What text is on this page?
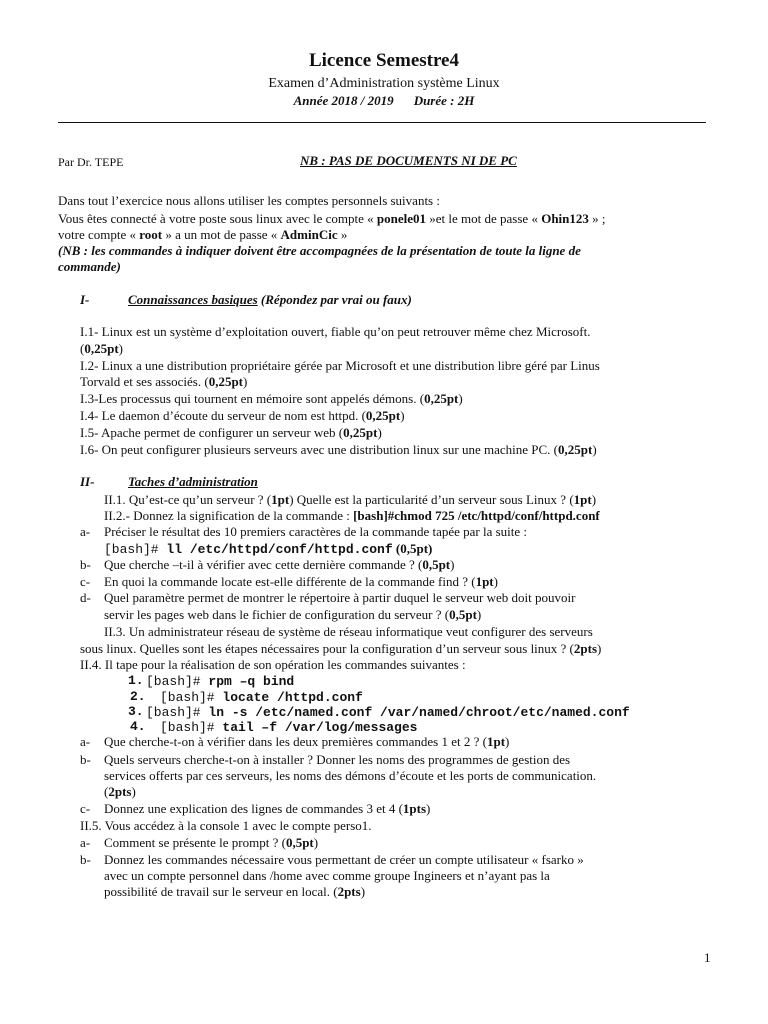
Licence Semestre4
Examen d’Administration système Linux
Année 2018 / 2019 Durée : 2H
Par Dr. TEPE	NB : PAS DE DOCUMENTS NI DE PC
Dans tout l’exercice nous allons utiliser les comptes personnels suivants :
Vous êtes connecté à votre poste sous linux avec le compte « ponele01 »et le mot de passe « Ohin123 » ;
votre compte « root » a un mot de passe « AdminCic »
(NB : les commandes à indiquer doivent être accompagnées de la présentation de toute la ligne de
commande)
I-	Connaissances basiques (Répondez par vrai ou faux)
I.1- Linux est un système d’exploitation ouvert, fiable qu’on peut retrouver même chez Microsoft.
(0,25pt)
I.2- Linux a une distribution propriétaire gérée par Microsoft et une distribution libre géré par Linus
Torvald et ses associés. (0,25pt)
I.3-Les processus qui tournent en mémoire sont appelés démons. (0,25pt)
I.4- Le daemon d’écoute du serveur de nom est httpd. (0,25pt)
I.5- Apache permet de configurer un serveur web (0,25pt)
I.6- On peut configurer plusieurs serveurs avec une distribution linux sur une machine PC. (0,25pt)
II-	Taches d’administration
II.1. Qu’est-ce qu’un serveur ? (1pt) Quelle est la particularité d’un serveur sous Linux ? (1pt)
II.2.- Donnez la signification de la commande : [bash]#chmod 725 /etc/httpd/conf/httpd.conf
a- Préciser le résultat des 10 premiers caractères de la commande tapée par la suite :
[bash]# ll /etc/httpd/conf/httpd.conf (0,5pt)
b- Que cherche –t-il à vérifier avec cette dernière commande ? (0,5pt)
c- En quoi la commande locate est-elle différente de la commande find ? (1pt)
d- Quel paramètre permet de montrer le répertoire à partir duquel le serveur web doit pouvoir
servir les pages web dans le fichier de configuration du serveur ? (0,5pt)
II.3. Un administrateur réseau de système de réseau informatique veut configurer des serveurs
sous linux. Quelles sont les étapes nécessaires pour la configuration d’un serveur sous linux ? (2pts)
II.4. Il tape pour la réalisation de son opération les commandes suivantes :
1. [bash]# rpm –q bind
2. [bash]# locate /httpd.conf
3. [bash]# ln -s /etc/named.conf /var/named/chroot/etc/named.conf
4. [bash]# tail –f /var/log/messages
a- Que cherche-t-on à vérifier dans les deux premières commandes 1 et 2 ? (1pt)
b- Quels serveurs cherche-t-on à installer ? Donner les noms des programmes de gestion des
services offerts par ces serveurs, les noms des démons d’écoute et les ports de communication.
(2pts)
c- Donnez une explication des lignes de commandes 3 et 4 (1pts)
II.5. Vous accédez à la console 1 avec le compte perso1.
a- Comment se présente le prompt ? (0,5pt)
b- Donnez les commandes nécessaire vous permettant de créer un compte utilisateur « fsarko »
avec un compte personnel dans /home avec comme groupe Ingineers et n’ayant pas la
possibilité de travail sur le serveur en local. (2pts)
1
